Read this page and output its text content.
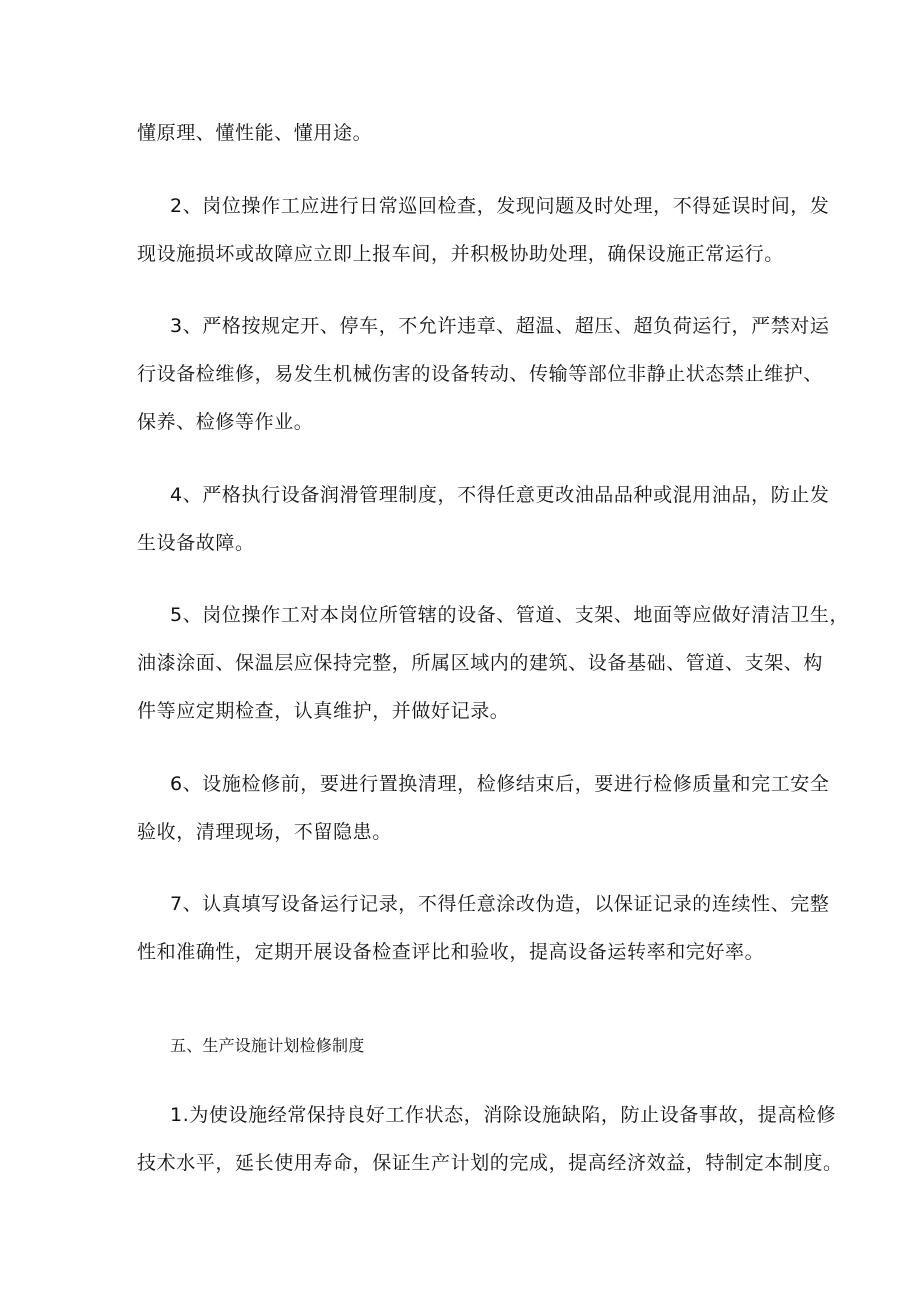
懂原理、懂性能、懂用途。
2、岗位操作工应进行日常巡回检查，发现问题及时处理，不得延误时间，发
现设施损坏或故障应立即上报车间，并积极协助处理，确保设施正常运行。
3、严格按规定开、停车，不允许违章、超温、超压、超负荷运行，严禁对运
行设备检维修，易发生机械伤害的设备转动、传输等部位非静止状态禁止维护、
保养、检修等作业。
4、严格执行设备润滑管理制度，不得任意更改油品品种或混用油品，防止发
生设备故障。
5、岗位操作工对本岗位所管辖的设备、管道、支架、地面等应做好清洁卫生，
油漆涂面、保温层应保持完整，所属区域内的建筑、设备基础、管道、支架、构
件等应定期检查，认真维护，并做好记录。
6、设施检修前，要进行置换清理，检修结束后，要进行检修质量和完工安全
验收，清理现场，不留隐患。
7、认真填写设备运行记录，不得任意涂改伪造，以保证记录的连续性、完整
性和准确性，定期开展设备检查评比和验收，提高设备运转率和完好率。
五、生产设施计划检修制度
1.为使设施经常保持良好工作状态，消除设施缺陷，防止设备事故，提高检修
技术水平，延长使用寿命，保证生产计划的完成，提高经济效益，特制定本制度。
